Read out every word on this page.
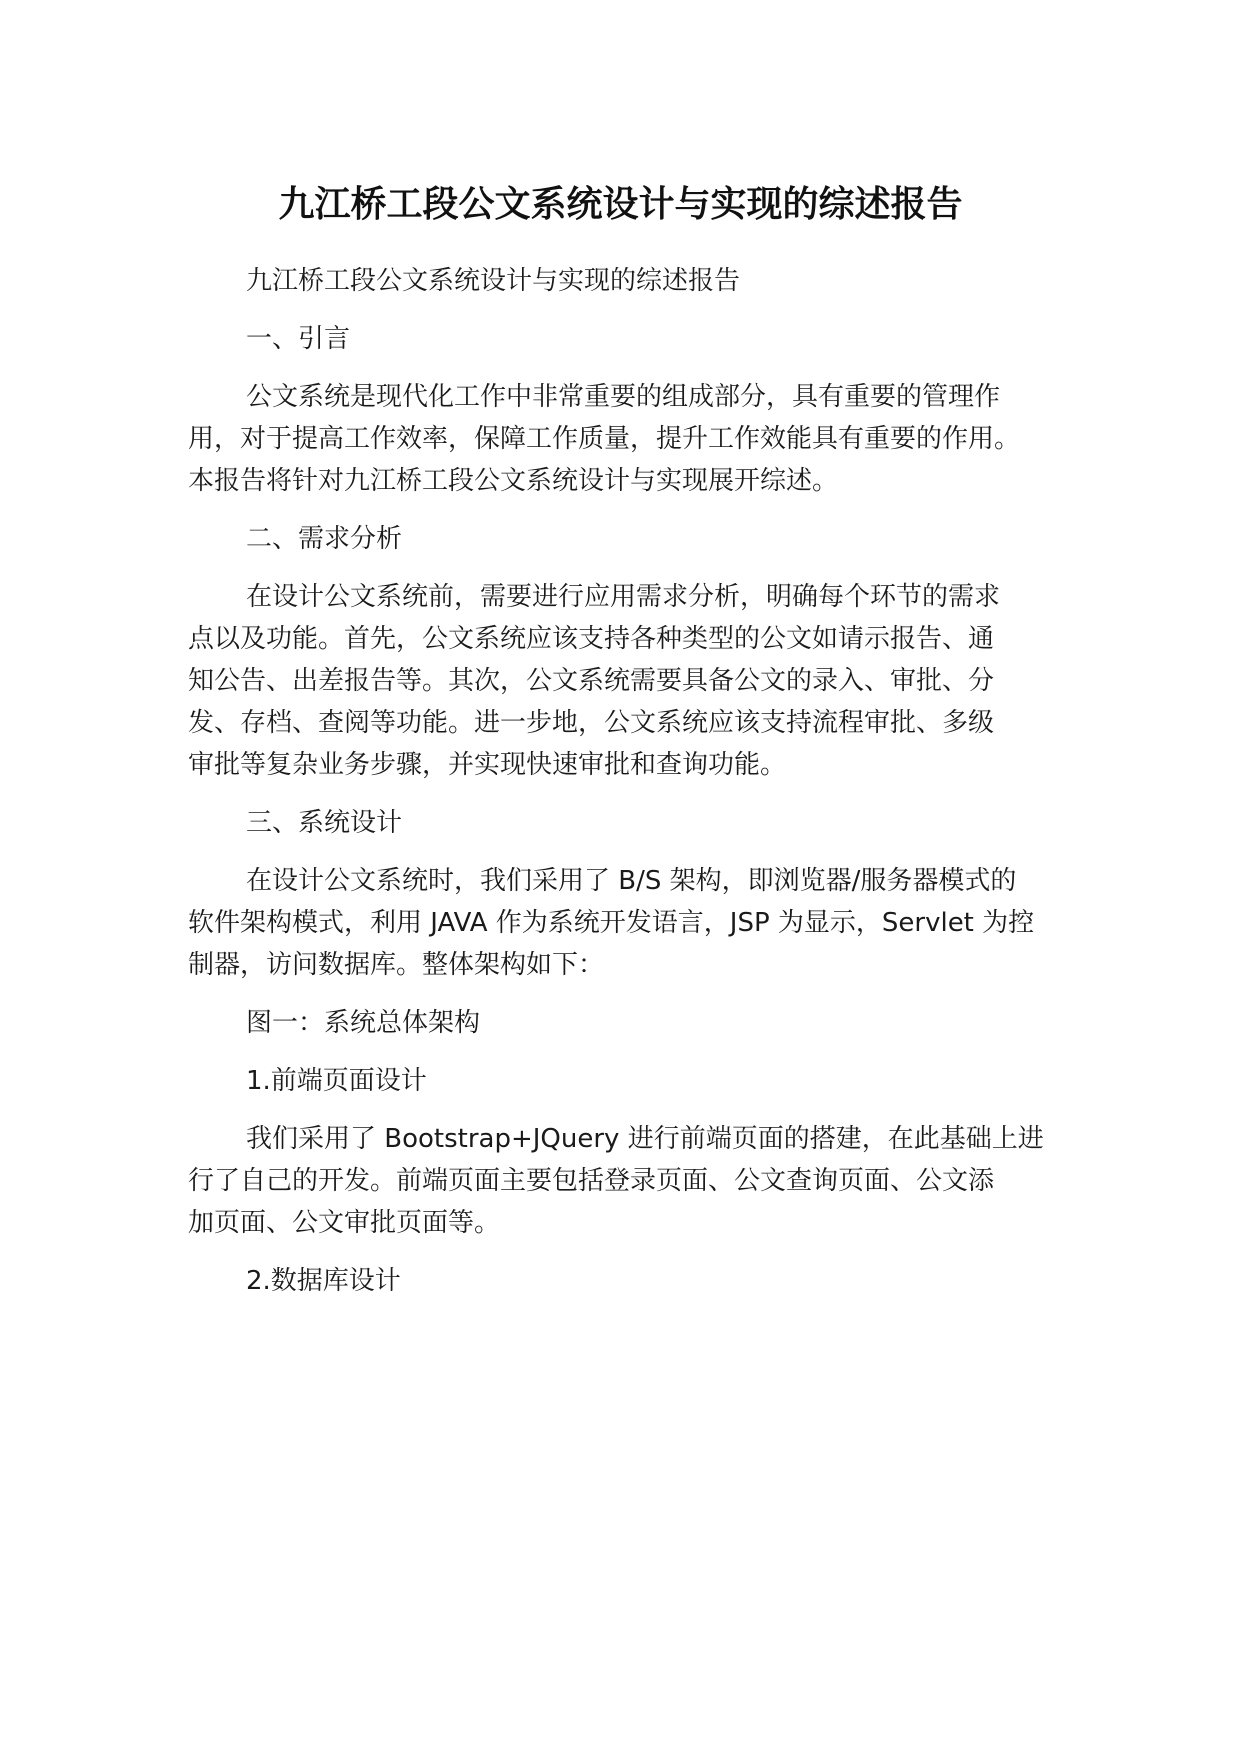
九江桥工段公文系统设计与实现的综述报告
九江桥工段公文系统设计与实现的综述报告
一、引言
公文系统是现代化工作中非常重要的组成部分，具有重要的管理作
用，对于提高工作效率，保障工作质量，提升工作效能具有重要的作用。
本报告将针对九江桥工段公文系统设计与实现展开综述。
二、需求分析
在设计公文系统前，需要进行应用需求分析，明确每个环节的需求
点以及功能。首先，公文系统应该支持各种类型的公文如请示报告、通
知公告、出差报告等。其次，公文系统需要具备公文的录入、审批、分
发、存档、查阅等功能。进一步地，公文系统应该支持流程审批、多级
审批等复杂业务步骤，并实现快速审批和查询功能。
三、系统设计
在设计公文系统时，我们采用了 B/S 架构，即浏览器/服务器模式的
软件架构模式，利用 JAVA 作为系统开发语言，JSP 为显示，Servlet 为控
制器，访问数据库。整体架构如下：
图一：系统总体架构
1.前端页面设计
我们采用了 Bootstrap+JQuery 进行前端页面的搭建，在此基础上进
行了自己的开发。前端页面主要包括登录页面、公文查询页面、公文添
加页面、公文审批页面等。
2.数据库设计
